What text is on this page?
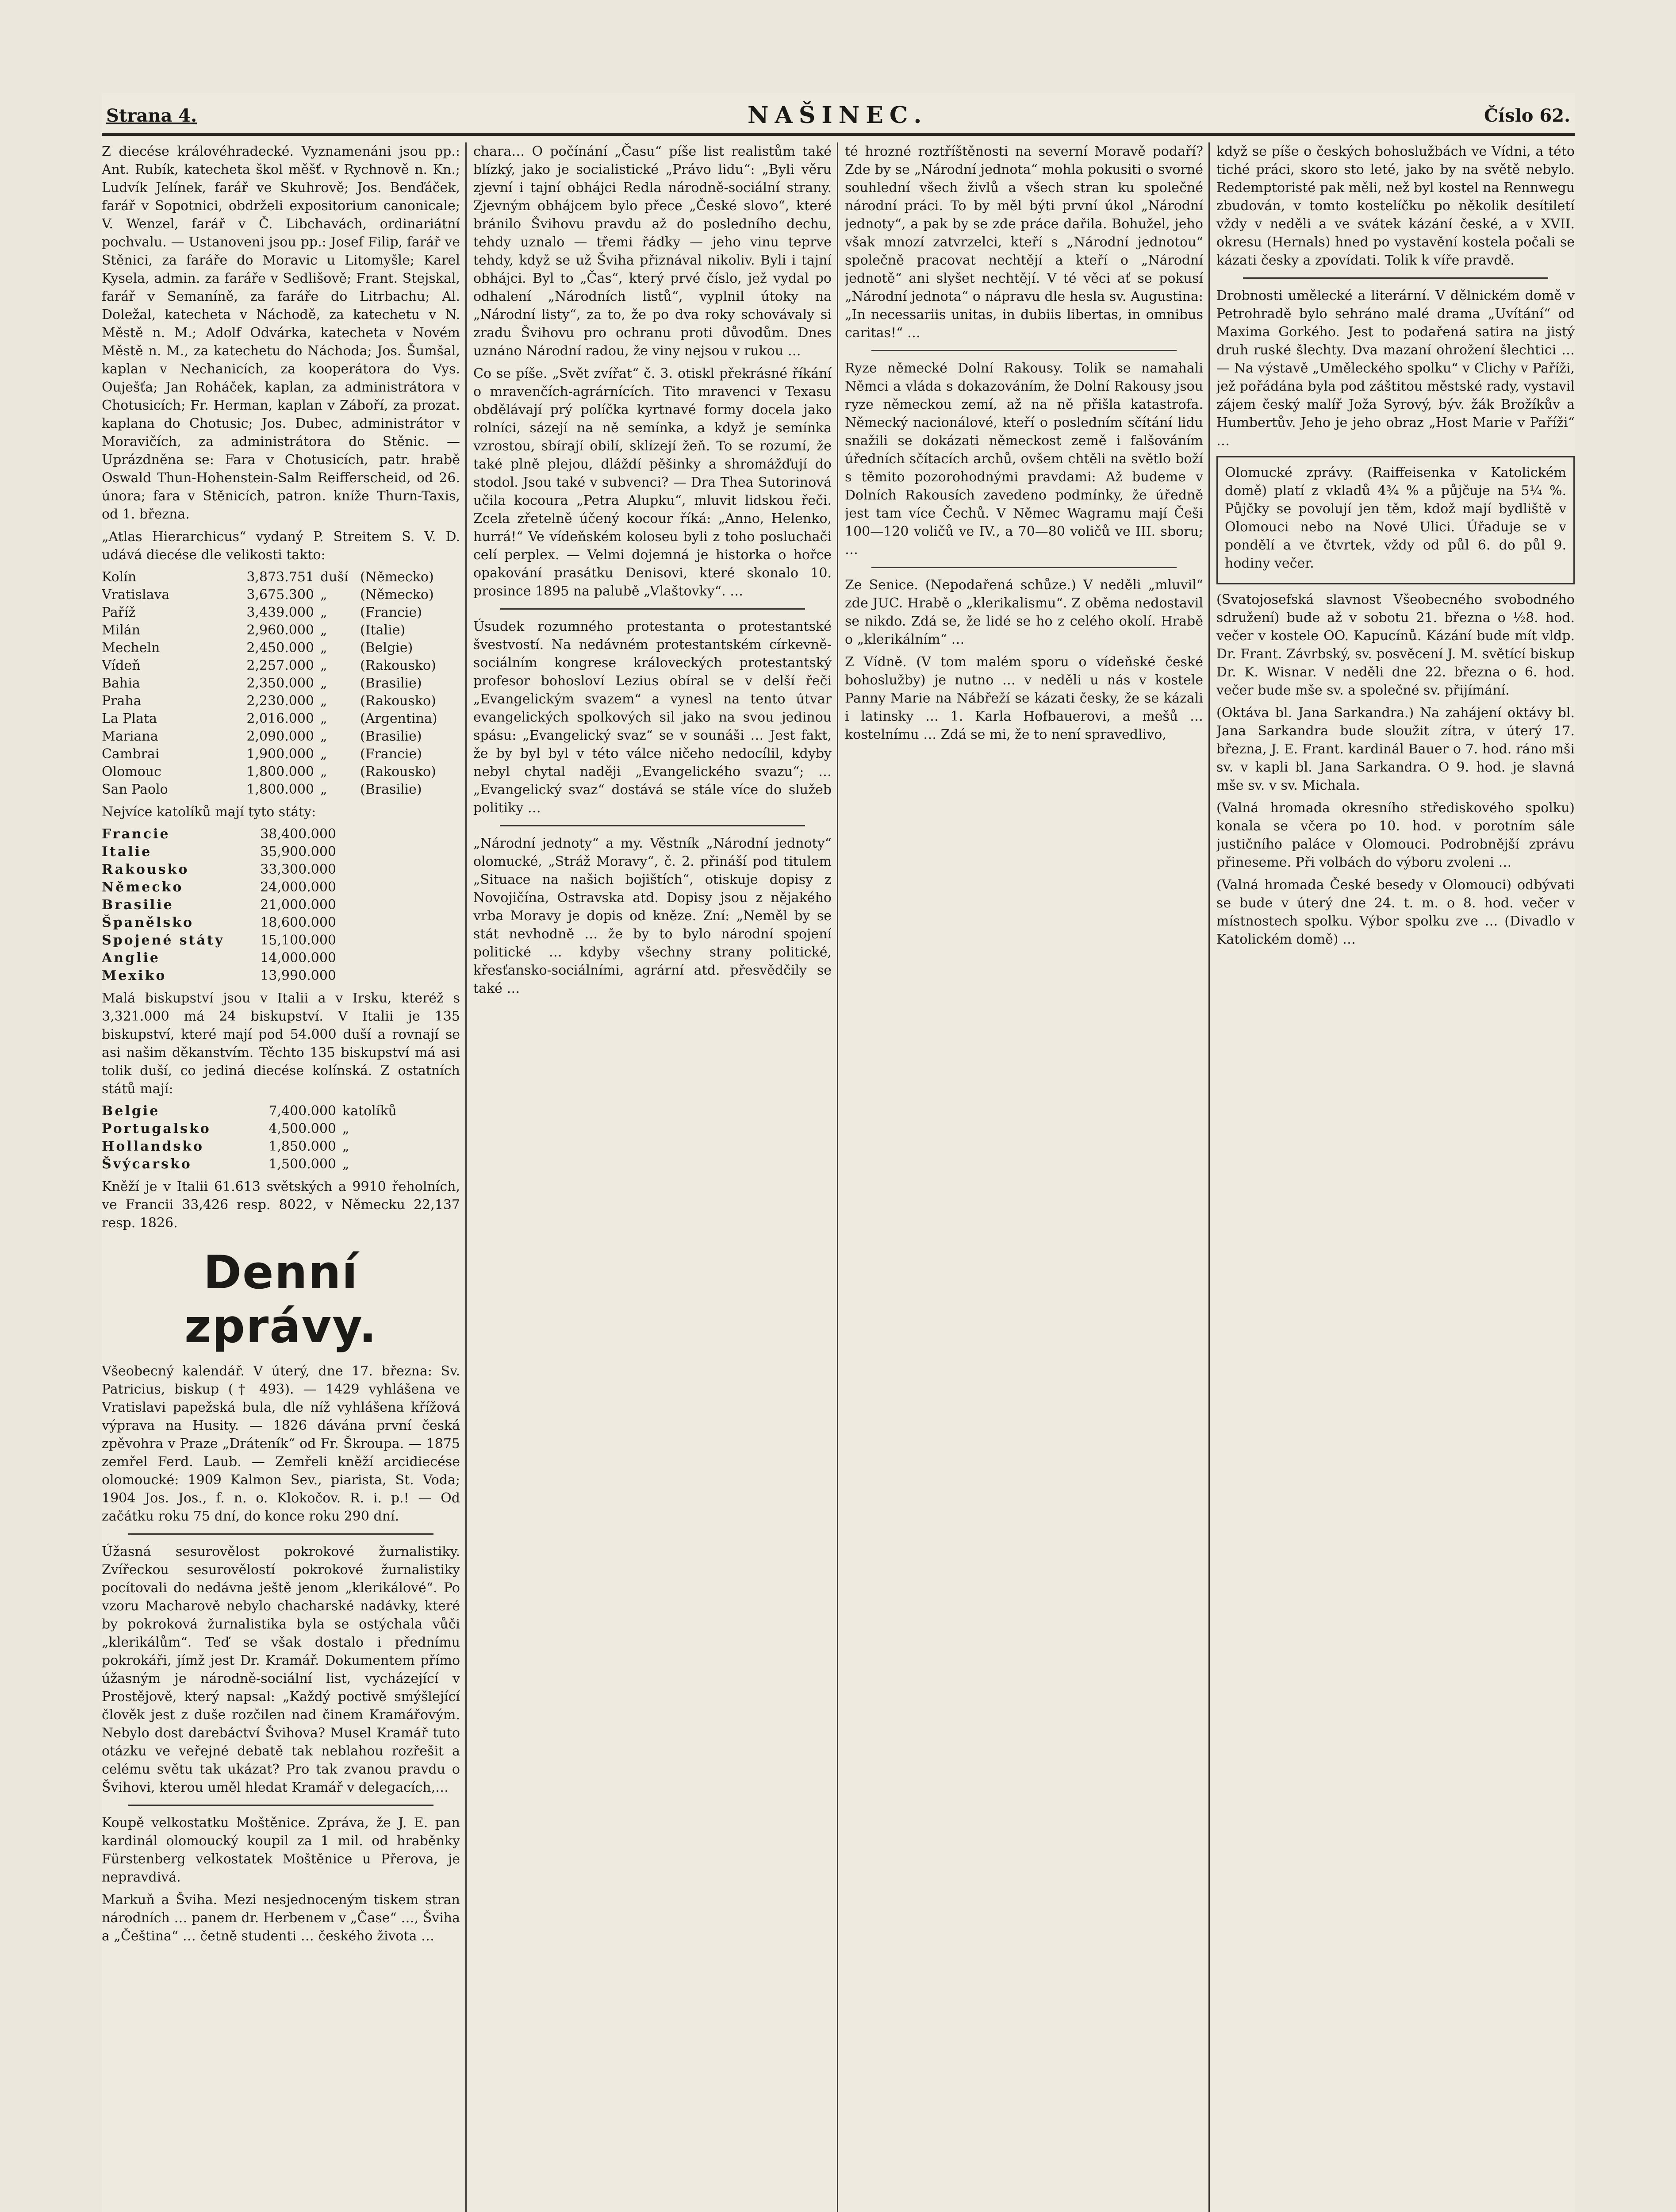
Strana 4.	NAŠINEC.	Číslo 62.

Z diecése královéhradecké. Vyznamenáni jsou pp.: Ant. Rubík, katecheta škol měšť. v Rychnově n. Kn.; Ludvík Jelínek, farář ve Skuhrově; Jos. Benďáček, farář v Sopotnici, obdrželi expositorium canonicale; V. Wenzel, farář v Č. Libchavách, ordinariátní pochvalu. — Ustanoveni jsou pp.: Josef Filip, farář ve Stěnici, za faráře do Moravic u Litomyšle; Karel Kysela, admin. za faráře v Sedlišově; Frant. Stejskal, farář v Semaníně, za faráře do Litrbachu; Al. Doležal, katecheta v Náchodě, za katechetu v N. Městě n. M.; Adolf Odvárka, katecheta v Novém Městě n. M., za katechetu do Náchoda; Jos. Šumšal, kaplan v Nechanicích, za kooperátora do Vys. Ouješťa; Jan Roháček, kaplan, za administrátora v Chotusicích; Fr. Herman, kaplan v Záboří, za prozat. kaplana do Chotusic; Jos. Dubec, administrátor v Moravičích, za administrátora do Stěnic. — Uprázdněna se: Fara v Chotusicích, patr. hrabě Oswald Thun-Hohenstein-Salm Reifferscheid, od 26. února; fara v Stěnicích, patron. kníže Thurn-Taxis, od 1. března.

„Atlas Hierarchicus“ vydaný P. Streitem S. V. D. udává diecése dle velikosti takto:

Kolín	3,873.751 duší (Německo)
Vratislava	3,675.300 „	(Německo)
Paříž	3,439.000 „	(Francie)
Milán	2,960.000 „	(Italie)
Mecheln	2,450.000 „	(Belgie)
Vídeň	2,257.000 „	(Rakousko)
Bahia	2,350.000 „	(Brasilie)
Praha	2,230.000 „	(Rakousko)
La Plata	2,016.000 „	(Argentina)
Mariana	2,090.000 „	(Brasilie)
Cambrai	1,900.000 „	(Francie)
Olomouc	1,800.000 „	(Rakousko)
San Paolo	1,800.000 „	(Brasilie)

Nejvíce katolíků mají tyto státy:

Francie	38,400.000
Italie	35,900.000
Rakousko	33,300.000
Německo	24,000.000
Brasilie	21,000.000
Španělsko	18,600.000
Spojené státy	15,100.000
Anglie	14,000.000
Mexiko	13,990.000

Malá biskupství jsou v Italii a v Irsku, kteréž s 3,321.000 má 24 biskupství. V Italii je 135 biskupství, které mají pod 54.000 duší a rovnají se asi našim děkanstvím. Těchto 135 biskupství má asi tolik duší, co jediná diecése kolínská. Z ostatních států mají:

Belgie	7,400.000 katolíků
Portugalsko	4,500.000 „
Hollandsko	1,850.000 „
Švýcarsko	1,500.000 „

Kněží je v Italii 61.613 světských a 9910 řeholních, ve Francii 33,426 resp. 8022, v Německu 22,137 resp. 1826.

Denní zprávy.

Všeobecný kalendář. V úterý, dne 17. března: Sv. Patricius, biskup († 493). — 1429 vyhlášena ve Vratislavi papežská bula, dle níž vyhlášena křížová výprava na Husity. — 1826 dávána první česká zpěvohra v Praze „Dráteník“ od Fr. Škroupa. — 1875 zemřel Ferd. Laub. — Zemřeli kněží arcidiecése olomoucké: 1909 Kalmon Sev., piarista, St. Voda; 1904 Jos. Jos., f. n. o. Klokočov. R. i. p.! — Od začátku roku 75 dní, do konce roku 290 dní.

Úžasná sesurovělost pokrokové žurnalistiky. Zvířeckou sesurovělostí pokrokové žurnalistiky pocítovali do nedávna ještě jenom „klerikálové“. Po vzoru Macharově nebylo chacharské nadávky, které by pokroková žurnalistika byla se ostýchala vůči „klerikálům“. Teď se však dostalo i přednímu pokrokáři, jímž jest Dr. Kramář. Dokumentem přímo úžasným je národně-sociální list, vycházející v Prostějově, který napsal: „Každý poctivě smýšlející člověk jest z duše rozčilen nad činem Kramářovým. Nebylo dost darebáctví Švihova? Musel Kramář tuto otázku ve veřejné debatě tak neblahou rozřešit a celému světu tak ukázat? Pro tak zvanou pravdu o Švihovi, kterou uměl hledat Kramář v delegacích,…

Koupě velkostatku Moštěnice. Zpráva, že J. E. pan kardinál olomoucký koupil za 1 mil. od hraběnky Fürstenberg velkostatek Moštěnice u Přerova, je nepravdivá.

Markuň a Šviha. Mezi nesjednoceným tiskem stran národních … panem dr. Herbenem v „Čase“ …, Šviha a „Čeština“ … četně studenti … českého života …

chara… O počínání „Času“ píše list realistům také blízký, jako je socialistické „Právo lidu“: „Byli věru zjevní i tajní obhájci Redla národně-sociální strany. Zjevným obhájcem bylo přece „České slovo“, které bránilo Švihovu pravdu až do posledního dechu, tehdy uznalo — třemi řádky — jeho vinu teprve tehdy, když se už Šviha přiznával nikoliv. Byli i tajní obhájci. Byl to „Čas“, který prvé číslo, jež vydal po odhalení „Národních listů“, vyplnil útoky na „Národní listy“, za to, že po dva roky schovávaly si zradu Švihovu pro ochranu proti důvodům. Dnes uznáno Národní radou, že viny nejsou v rukou …

Co se píše. „Svět zvířat“ č. 3. otiskl překrásné říkání o mravenčích-agrárnících. Tito mravenci v Texasu obdělávají prý políčka kyrtnavé formy docela jako rolníci, sázejí na ně semínka, a když je semínka vzrostou, sbírají obilí, sklízejí žeň. To se rozumí, že také plně plejou, dláždí pěšinky a shromážďují do stodol. Jsou také v subvenci? — Dra Thea Sutorinová učila kocoura „Petra Alupku“, mluvit lidskou řeči. Zcela zřetelně účený kocour říká: „Anno, Helenko, hurrá!“ Ve vídeňském koloseu byli z toho posluchači celí perplex. — Velmi dojemná je historka o hořce opakování prasátku Denisovi, které skonalo 10. prosince 1895 na palubě „Vlaštovky“. …

Úsudek rozumného protestanta o protestantské švestvostí. Na nedávném protestantském církevně-sociálním kongrese královeckých protestantský profesor bohosloví Lezius obíral se v delší řeči „Evangelickým svazem“ a vynesl na tento útvar evangelických spolkových sil jako na svou jedinou spásu: „Evangelický svaz“ se v sounáši … Jest fakt, že by byl byl v této válce ničeho nedocílil, kdyby nebyl chytal naději „Evangelického svazu“; … „Evangelický svaz“ dostává se stále více do služeb politiky …

„Národní jednoty“ a my. Věstník „Národní jednoty“ olomucké, „Stráž Moravy“, č. 2. přináší pod titulem „Situace na našich bojištích“, otiskuje dopisy z Novojičína, Ostravska atd. Dopisy jsou z nějakého vrba Moravy je dopis od kněze. Zní: „Neměl by se stát nevhodně … že by to bylo národní spojení politické … kdyby všechny strany politické, křesťansko-sociálními, agrární atd. přesvědčily se také …

té hrozné roztříštěnosti na severní Moravě podaří? Zde by se „Národní jednota“ mohla pokusiti o svorné souhlední všech živlů a všech stran ku společné národní práci. To by měl býti první úkol „Národní jednoty“, a pak by se zde práce dařila. Bohužel, jeho však mnozí zatvrzelci, kteří s „Národní jednotou“ společně pracovat nechtějí a kteří o „Národní jednotě“ ani slyšet nechtějí. V té věci ať se pokusí „Národní jednota“ o nápravu dle hesla sv. Augustina: „In necessariis unitas, in dubiis libertas, in omnibus caritas!“ …

Ryze německé Dolní Rakousy. Tolik se namahali Němci a vláda s dokazováním, že Dolní Rakousy jsou ryze německou zemí, až na ně přišla katastrofa. Německý nacionálové, kteří o posledním sčítání lidu snažili se dokázati německost země i falšováním úředních sčítacích archů, ovšem chtěli na světlo boží s těmito pozorohodnými pravdami: Až budeme v Dolních Rakousích zavedeno podmínky, že úředně jest tam více Čechů. V Němec Wagramu mají Češi 100—120 voličů ve IV., a 70—80 voličů ve III. sboru; …

Ze Senice. (Nepodařená schůze.) V neděli „mluvil“ zde JUC. Hrabě o „klerikalismu“. Z oběma nedostavil se nikdo. Zdá se, že lidé se ho z celého okolí. Hrabě o „klerikálním“ …

Z Vídně. (V tom malém sporu o vídeňské české bohoslužby) je nutno … v neděli u nás v kostele Panny Marie na Nábřeží se kázati česky, že se kázali i latinsky … 1. Karla Hofbauerovi, a mešů … kostelnímu … Zdá se mi, že to není spravedlivo,

když se píše o českých bohoslužbách ve Vídni, a této tiché práci, skoro sto leté, jako by na světě nebylo. Redemptoristé pak měli, než byl kostel na Rennwegu zbudován, v tomto kostelíčku po několik desítiletí vždy v neděli a ve svátek kázání české, a v XVII. okresu (Hernals) hned po vystavění kostela počali se kázati česky a zpovídati. Tolik k víře pravdě.

Drobnosti umělecké a literární. V dělnickém domě v Petrohradě bylo sehráno malé drama „Uvítání“ od Maxima Gorkého. Jest to podařená satira na jistý druh ruské šlechty. Dva mazaní ohrožení šlechtici … — Na výstavě „Uměleckého spolku“ v Clichy v Paříži, jež pořádána byla pod záštitou městské rady, vystavil zájem český malíř Joža Syrový, býv. žák Brožíkův a Humbertův. Jeho je jeho obraz „Host Marie v Paříži“ …

Olomucké zprávy. (Raiffeisenka v Katolickém domě) platí z vkladů 4¾ % a půjčuje na 5¼ %. Půjčky se povolují jen těm, kdož mají bydliště v Olomouci nebo na Nové Ulici. Úřaduje se v pondělí a ve čtvrtek, vždy od půl 6. do půl 9. hodiny večer.

(Svatojosefská slavnost Všeobecného svobodného sdružení) bude až v sobotu 21. března o ½8. hod. večer v kostele OO. Kapucínů. Kázání bude mít vldp. Dr. Frant. Závrbský, sv. posvěcení J. M. světící biskup Dr. K. Wisnar. V neděli dne 22. března o 6. hod. večer bude mše sv. a společné sv. přijímání.

(Oktáva bl. Jana Sarkandra.) Na zahájení oktávy bl. Jana Sarkandra bude sloužit zítra, v úterý 17. března, J. E. Frant. kardinál Bauer o 7. hod. ráno mši sv. v kapli bl. Jana Sarkandra. O 9. hod. je slavná mše sv. v sv. Michala.

(Valná hromada okresního střediskového spolku) konala se včera po 10. hod. v porotním sále justičního paláce v Olomouci. Podrobnější zprávu přineseme. Při volbách do výboru zvoleni …

(Valná hromada České besedy v Olomouci) odbývati se bude v úterý dne 24. t. m. o 8. hod. večer v místnostech spolku. Výbor spolku zve … (Divadlo v Katolickém domě) …
